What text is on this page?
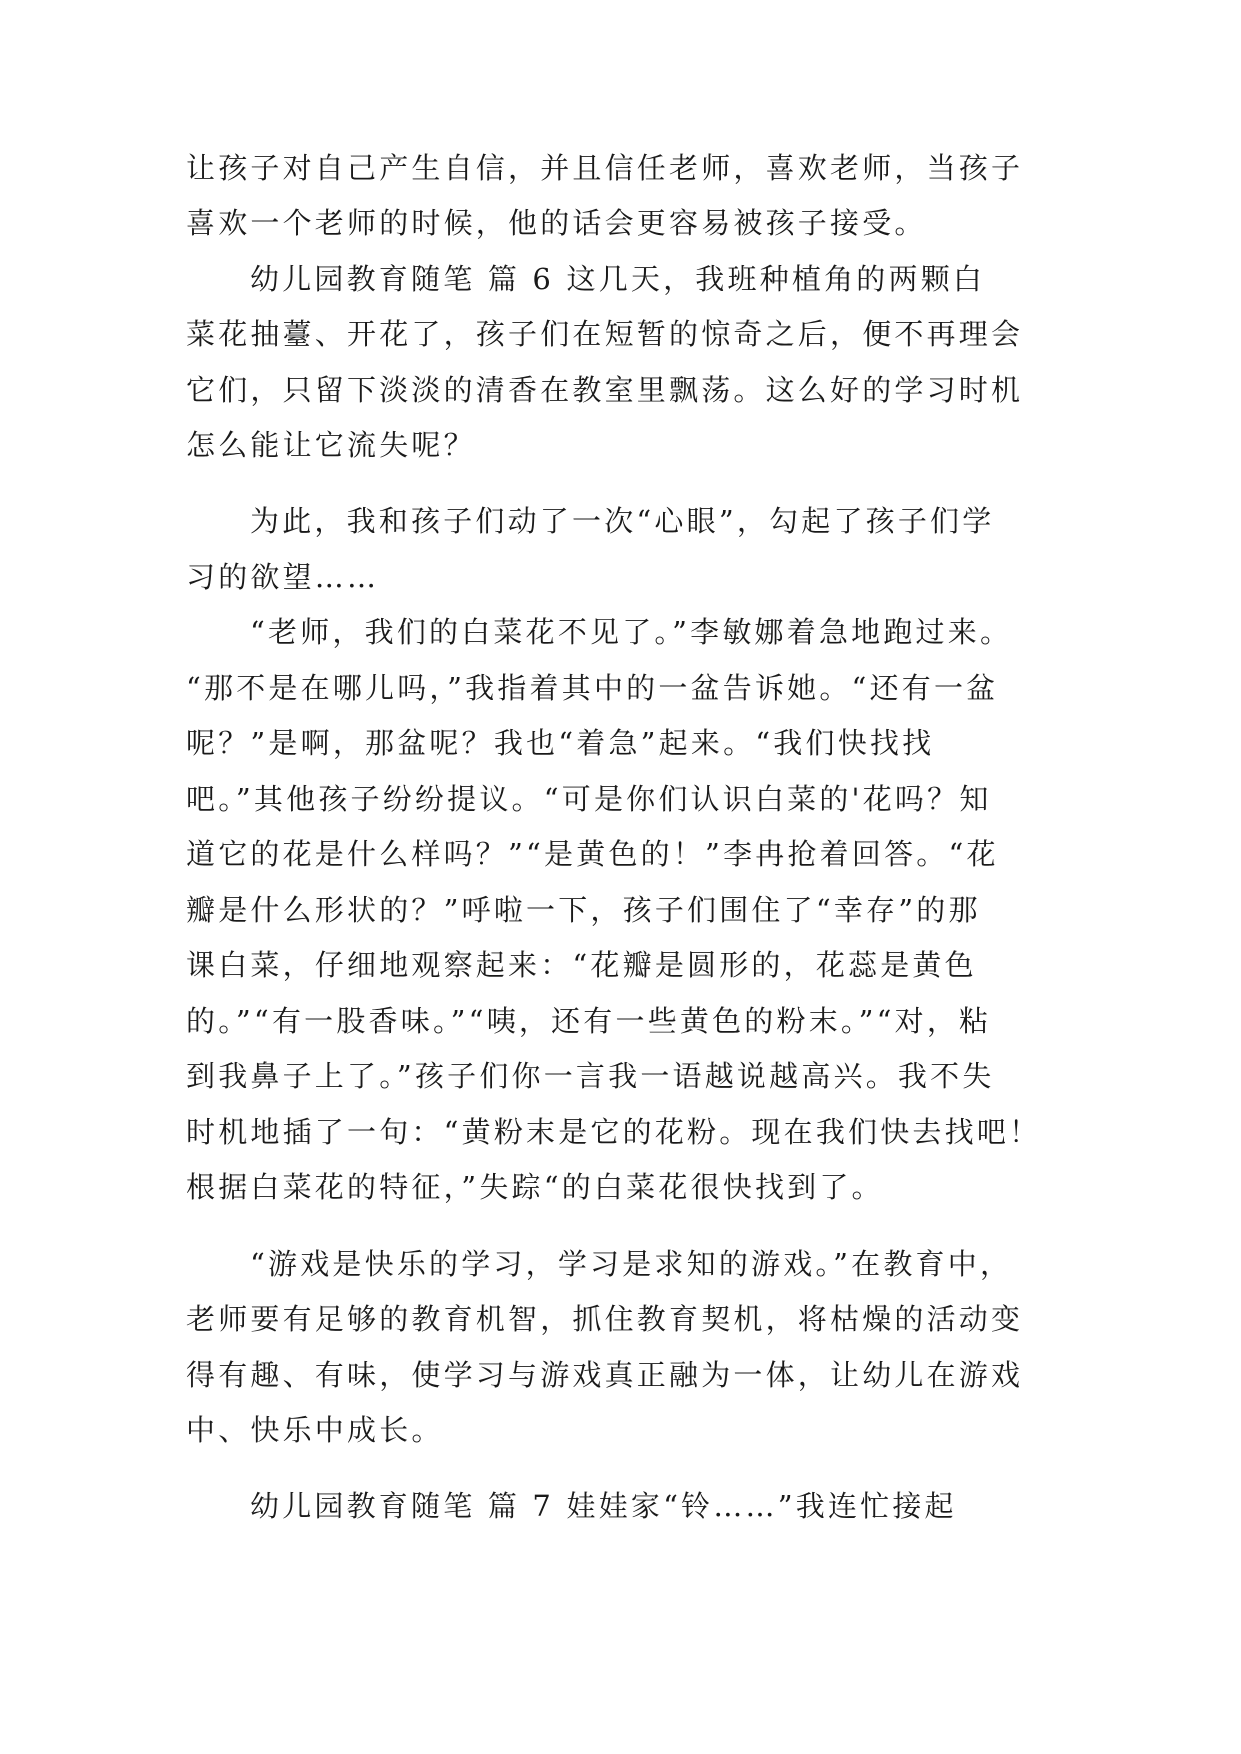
让孩子对自己产生自信，并且信任老师，喜欢老师，当孩子
喜欢一个老师的时候，他的话会更容易被孩子接受。
幼儿园教育随笔 篇 6 这几天，我班种植角的两颗白
菜花抽薹、开花了，孩子们在短暂的惊奇之后，便不再理会
它们，只留下淡淡的清香在教室里飘荡。这么好的学习时机
怎么能让它流失呢？
为此，我和孩子们动了一次“心眼”，勾起了孩子们学
习的欲望……
“老师，我们的白菜花不见了。”李敏娜着急地跑过来。
“那不是在哪儿吗，”我指着其中的一盆告诉她。“还有一盆
呢？”是啊，那盆呢？我也“着急”起来。“我们快找找
吧。”其他孩子纷纷提议。“可是你们认识白菜的'花吗？知
道它的花是什么样吗？”“是黄色的！”李冉抢着回答。“花
瓣是什么形状的？”呼啦一下，孩子们围住了“幸存”的那
课白菜，仔细地观察起来：“花瓣是圆形的，花蕊是黄色
的。”“有一股香味。”“咦，还有一些黄色的粉末。”“对，粘
到我鼻子上了。”孩子们你一言我一语越说越高兴。我不失
时机地插了一句：“黄粉末是它的花粉。现在我们快去找吧！
根据白菜花的特征，”失踪“的白菜花很快找到了。
“游戏是快乐的学习，学习是求知的游戏。”在教育中，
老师要有足够的教育机智，抓住教育契机，将枯燥的活动变
得有趣、有味，使学习与游戏真正融为一体，让幼儿在游戏
中、快乐中成长。
幼儿园教育随笔 篇 7 娃娃家“铃……”我连忙接起
